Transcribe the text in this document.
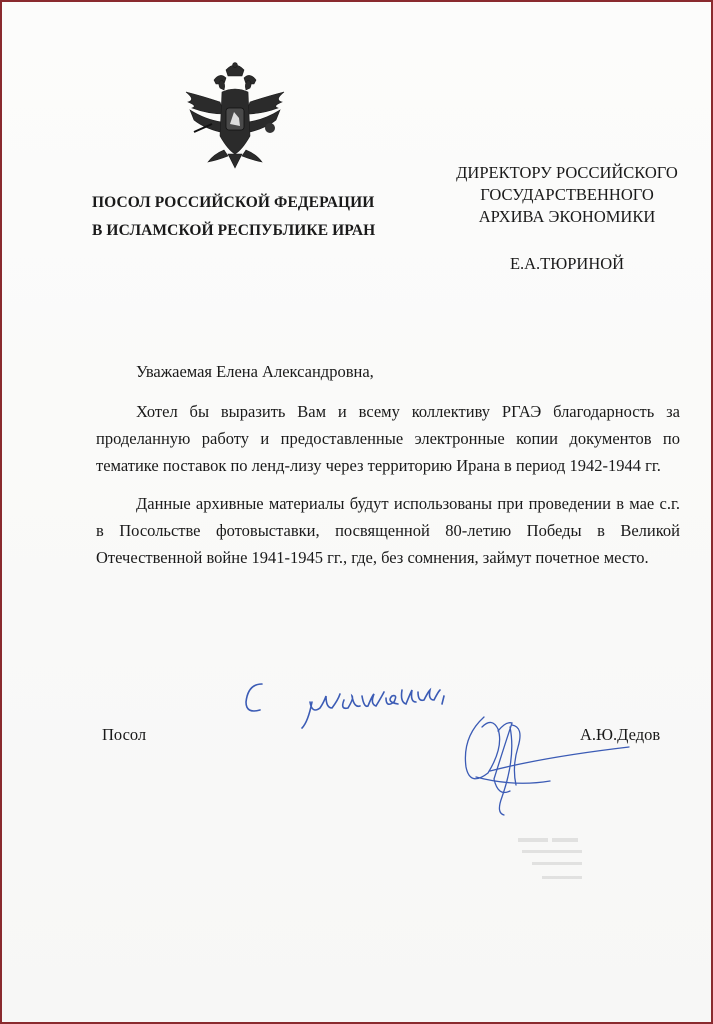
ПОСОЛ РОССИЙСКОЙ ФЕДЕРАЦИИ
В ИСЛАМСКОЙ РЕСПУБЛИКЕ ИРАН
ДИРЕКТОРУ РОССИЙСКОГО
ГОСУДАРСТВЕННОГО
АРХИВА ЭКОНОМИКИ
Е.А.ТЮРИНОЙ
Уважаемая Елена Александровна,

Хотел бы выразить Вам и всему коллективу РГАЭ благодарность за проделанную работу и предоставленные электронные копии документов по тематике поставок по ленд-лизу через территорию Ирана в период 1942-1944 гг.

Данные архивные материалы будут использованы при проведении в мае с.г. в Посольстве фотовыставки, посвященной 80-летию Победы в Великой Отечественной войне 1941-1945 гг., где, без сомнения, займут почетное место.

Посол	А.Ю.Дедов
